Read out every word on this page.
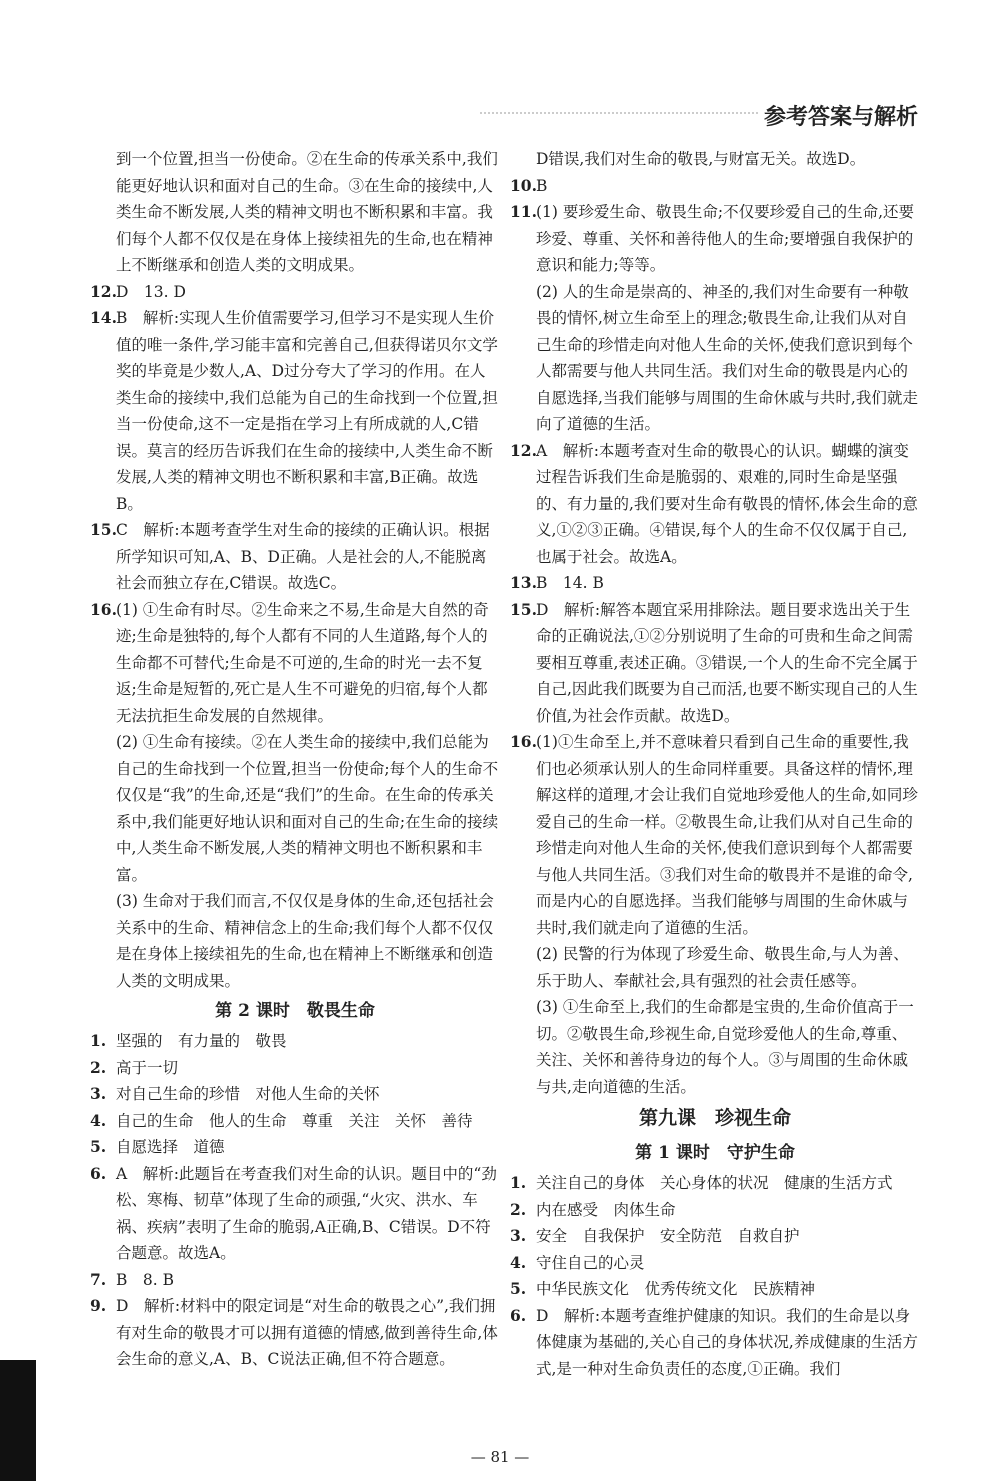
参考答案与解析

到一个位置,担当一份使命。②在生命的传承关系中,我们能更好地认识和面对自己的生命。③在生命的接续中,人类生命不断发展,人类的精神文明也不断积累和丰富。我们每个人都不仅仅是在身体上接续祖先的生命,也在精神上不断继承和创造人类的文明成果。

12.D　13. D

14.B　解析:实现人生价值需要学习,但学习不是实现人生价值的唯一条件,学习能丰富和完善自己,但获得诺贝尔文学奖的毕竟是少数人,A、D过分夸大了学习的作用。在人类生命的接续中,我们总能为自己的生命找到一个位置,担当一份使命,这不一定是指在学习上有所成就的人,C错误。莫言的经历告诉我们在生命的接续中,人类生命不断发展,人类的精神文明也不断积累和丰富,B正确。故选B。

15.C　解析:本题考查学生对生命的接续的正确认识。根据所学知识可知,A、B、D正确。人是社会的人,不能脱离社会而独立存在,C错误。故选C。

16.(1) ①生命有时尽。②生命来之不易,生命是大自然的奇迹;生命是独特的,每个人都有不同的人生道路,每个人的生命都不可替代;生命是不可逆的,生命的时光一去不复返;生命是短暂的,死亡是人生不可避免的归宿,每个人都无法抗拒生命发展的自然规律。

(2) ①生命有接续。②在人类生命的接续中,我们总能为自己的生命找到一个位置,担当一份使命;每个人的生命不仅仅是“我”的生命,还是“我们”的生命。在生命的传承关系中,我们能更好地认识和面对自己的生命;在生命的接续中,人类生命不断发展,人类的精神文明也不断积累和丰富。

(3) 生命对于我们而言,不仅仅是身体的生命,还包括社会关系中的生命、精神信念上的生命;我们每个人都不仅仅是在身体上接续祖先的生命,也在精神上不断继承和创造人类的文明成果。

第 2 课时　敬畏生命

1. 坚强的　有力量的　敬畏

2. 高于一切

3. 对自己生命的珍惜　对他人生命的关怀

4. 自己的生命　他人的生命　尊重　关注　关怀　善待

5. 自愿选择　道德

6. A　解析:此题旨在考查我们对生命的认识。题目中的“劲松、寒梅、韧草”体现了生命的顽强,“火灾、洪水、车祸、疾病”表明了生命的脆弱,A正确,B、C错误。D不符合题意。故选A。

7. B　8. B

9. D　解析:材料中的限定词是“对生命的敬畏之心”,我们拥有对生命的敬畏才可以拥有道德的情感,做到善待生命,体会生命的意义,A、B、C说法正确,但不符合题意。

D错误,我们对生命的敬畏,与财富无关。故选D。

10.B

11.(1) 要珍爱生命、敬畏生命;不仅要珍爱自己的生命,还要珍爱、尊重、关怀和善待他人的生命;要增强自我保护的意识和能力;等等。

(2) 人的生命是崇高的、神圣的,我们对生命要有一种敬畏的情怀,树立生命至上的理念;敬畏生命,让我们从对自己生命的珍惜走向对他人生命的关怀,使我们意识到每个人都需要与他人共同生活。我们对生命的敬畏是内心的自愿选择,当我们能够与周围的生命休戚与共时,我们就走向了道德的生活。

12.A　解析:本题考查对生命的敬畏心的认识。蝴蝶的演变过程告诉我们生命是脆弱的、艰难的,同时生命是坚强的、有力量的,我们要对生命有敬畏的情怀,体会生命的意义,①②③正确。④错误,每个人的生命不仅仅属于自己,也属于社会。故选A。

13.B　14. B

15.D　解析:解答本题宜采用排除法。题目要求选出关于生命的正确说法,①②分别说明了生命的可贵和生命之间需要相互尊重,表述正确。③错误,一个人的生命不完全属于自己,因此我们既要为自己而活,也要不断实现自己的人生价值,为社会作贡献。故选D。

16.(1)①生命至上,并不意味着只看到自己生命的重要性,我们也必须承认别人的生命同样重要。具备这样的情怀,理解这样的道理,才会让我们自觉地珍爱他人的生命,如同珍爱自己的生命一样。②敬畏生命,让我们从对自己生命的珍惜走向对他人生命的关怀,使我们意识到每个人都需要与他人共同生活。③我们对生命的敬畏并不是谁的命令,而是内心的自愿选择。当我们能够与周围的生命休戚与共时,我们就走向了道德的生活。

(2) 民警的行为体现了珍爱生命、敬畏生命,与人为善、乐于助人、奉献社会,具有强烈的社会责任感等。

(3) ①生命至上,我们的生命都是宝贵的,生命价值高于一切。②敬畏生命,珍视生命,自觉珍爱他人的生命,尊重、关注、关怀和善待身边的每个人。③与周围的生命休戚与共,走向道德的生活。

第九课　珍视生命

第 1 课时　守护生命

1. 关注自己的身体　关心身体的状况　健康的生活方式

2. 内在感受　肉体生命

3. 安全　自我保护　安全防范　自救自护

4. 守住自己的心灵

5. 中华民族文化　优秀传统文化　民族精神

6. D　解析:本题考查维护健康的知识。我们的生命是以身体健康为基础的,关心自己的身体状况,养成健康的生活方式,是一种对生命负责任的态度,①正确。我们

— 81 —
